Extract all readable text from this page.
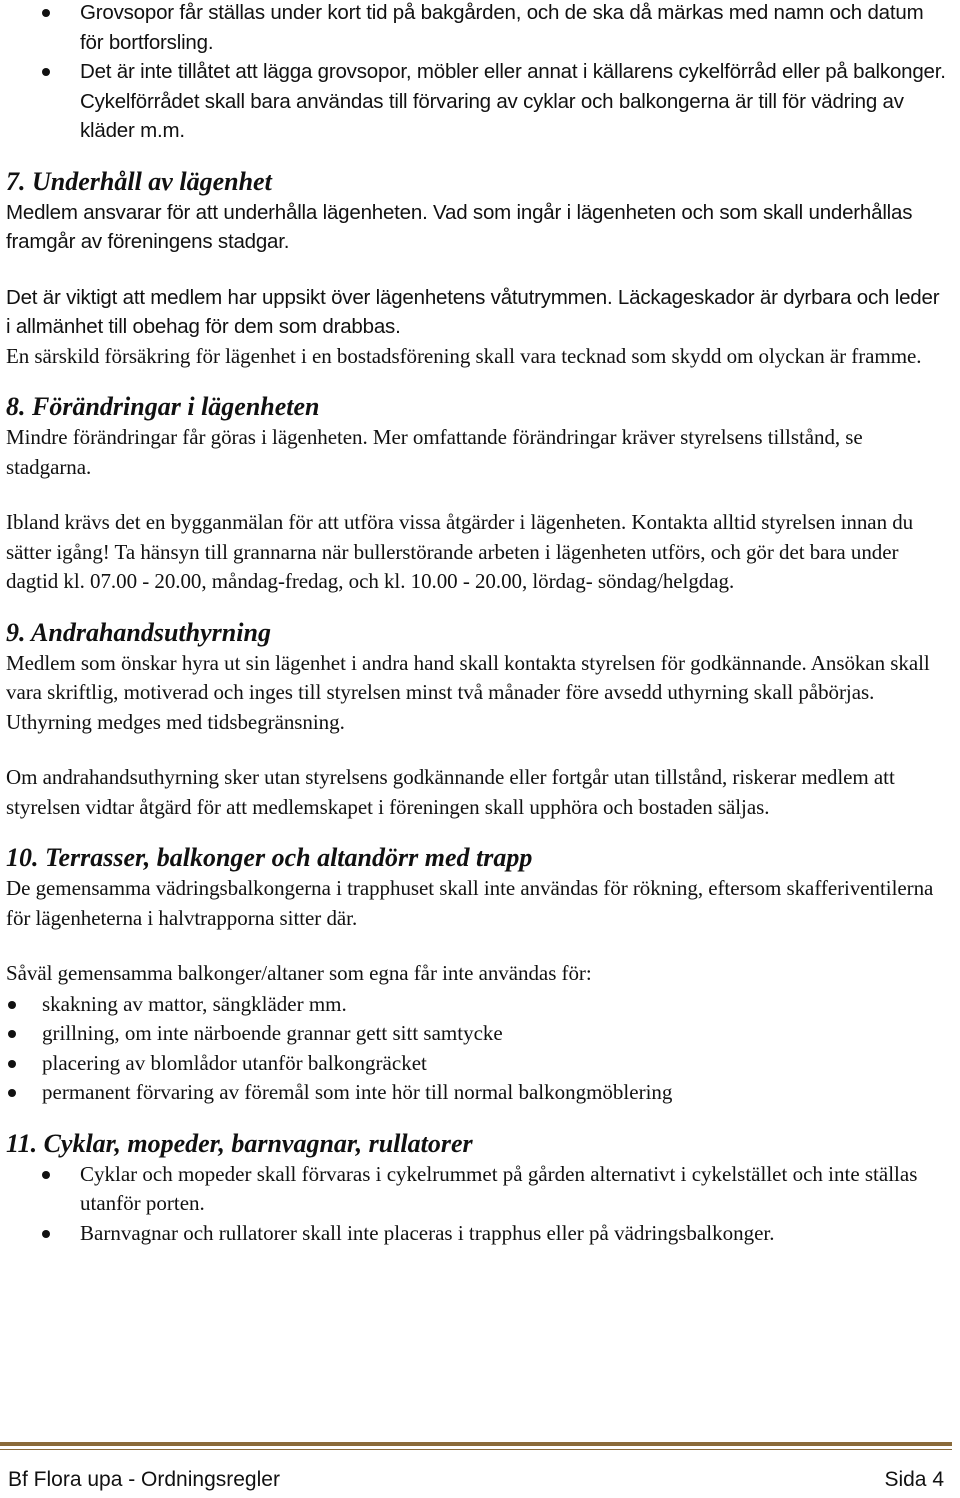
Grovsopor får ställas under kort tid på bakgården, och de ska då märkas med namn och datum för bortforsling.
Det är inte tillåtet att lägga grovsopor, möbler eller annat i källarens cykelförråd eller på balkonger. Cykelförrådet skall bara användas till förvaring av cyklar och balkongerna är till för vädring av kläder m.m.
7. Underhåll av lägenhet

Medlem ansvarar för att underhålla lägenheten. Vad som ingår i lägenheten och som skall underhållas framgår av föreningens stadgar.

Det är viktigt att medlem har uppsikt över lägenhetens våtutrymmen. Läckageskador är dyrbara och leder i allmänhet till obehag för dem som drabbas.

En särskild försäkring för lägenhet i en bostadsförening skall vara tecknad som skydd om olyckan är framme.

8. Förändringar i lägenheten

Mindre förändringar får göras i lägenheten. Mer omfattande förändringar kräver styrelsens tillstånd, se stadgarna.

Ibland krävs det en bygganmälan för att utföra vissa åtgärder i lägenheten. Kontakta alltid styrelsen innan du sätter igång! Ta hänsyn till grannarna när bullerstörande arbeten i lägenheten utförs, och gör det bara under dagtid kl. 07.00 - 20.00, måndag-fredag, och kl. 10.00 - 20.00, lördag- söndag/helgdag.

9. Andrahandsuthyrning

Medlem som önskar hyra ut sin lägenhet i andra hand skall kontakta styrelsen för godkännande. Ansökan skall vara skriftlig, motiverad och inges till styrelsen minst två månader före avsedd uthyrning skall påbörjas. Uthyrning medges med tidsbegränsning.

Om andrahandsuthyrning sker utan styrelsens godkännande eller fortgår utan tillstånd, riskerar medlem att styrelsen vidtar åtgärd för att medlemskapet i föreningen skall upphöra och bostaden säljas.

10. Terrasser, balkonger och altandörr med trapp

De gemensamma vädringsbalkongerna i trapphuset skall inte användas för rökning, eftersom skafferiventilerna för lägenheterna i halvtrapporna sitter där.

Såväl gemensamma balkonger/altaner som egna får inte användas för:

skakning av mattor, sängkläder mm.
grillning, om inte närboende grannar gett sitt samtycke
placering av blomlådor utanför balkongräcket
permanent förvaring av föremål som inte hör till normal balkongmöblering
11. Cyklar, mopeder, barnvagnar, rullatorer
Cyklar och mopeder skall förvaras i cykelrummet på gården alternativt i cykelstället och inte ställas utanför porten.
Barnvagnar och rullatorer skall inte placeras i trapphus eller på vädringsbalkonger.
Bf Flora upa - Ordningsregler	Sida 4
